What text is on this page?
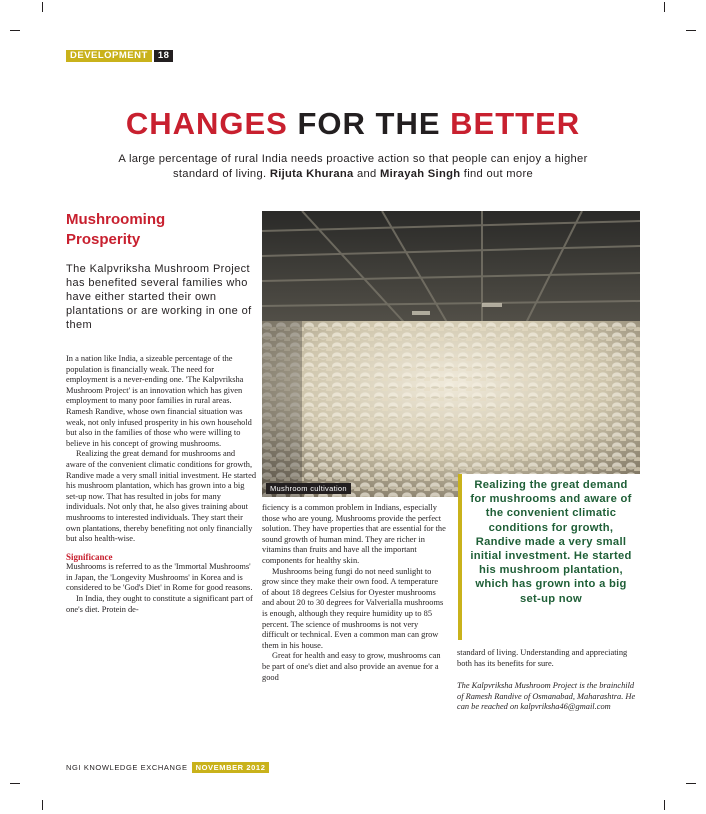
DEVELOPMENT	18
CHANGES FOR THE BETTER
A large percentage of rural India needs proactive action so that people can enjoy a higher standard of living. Rijuta Khurana and Mirayah Singh find out more
Mushrooming
Prosperity
The Kalpvriksha Mushroom Project has benefited several families who have either started their own plantations or are working in one of them
Mushroom cultivation

In a nation like India, a sizeable percentage of the population is financially weak. The need for employment is a never-ending one. 'The Kalpvriksha Mushroom Project' is an innovation which has given employment to many poor families in rural areas. Ramesh Randive, whose own financial situation was weak, not only infused prosperity in his own household but also in the families of those who were willing to believe in his concept of growing mushrooms.

Realizing the great demand for mushrooms and aware of the convenient climatic conditions for growth, Randive made a very small initial investment. He started his mushroom plantation, which has grown into a big set-up now. That has resulted in jobs for many individuals. Not only that, he also gives training about mushrooms to interested individuals. They start their own plantations, thereby benefiting not only financially but also health-wise.

Significance

Mushrooms is referred to as the 'Immortal Mushrooms' in Japan, the 'Longevity Mushrooms' in Korea and is considered to be 'God's Diet' in Rome for good reasons.

In India, they ought to constitute a significant part of one's diet. Protein de-

ficiency is a common problem in Indians, especially those who are young. Mushrooms provide the perfect solution. They have properties that are essential for the sound growth of human mind. They are richer in vitamins than fruits and have all the important components for healthy skin.

Mushrooms being fungi do not need sunlight to grow since they make their own food. A temperature of about 18 degrees Celsius for Oyester mushrooms and about 20 to 30 degrees for Valverialla mushrooms is enough, although they require humidity up to 85 percent. The science of mushrooms is not very difficult or technical. Even a common man can grow them in his house.

Great for health and easy to grow, mushrooms can be part of one's diet and also provide an avenue for a good

Realizing the great demand for mushrooms and aware of the convenient climatic conditions for growth, Randive made a very small initial investment. He started his mushroom plantation, which has grown into a big set-up now

standard of living. Understanding and appreciating both has its benefits for sure.

The Kalpvriksha Mushroom Project is the brainchild of Ramesh Randive of Osmanabad, Maharashtra. He can be reached on kalpvriksha46@gmail.com

NGI KNOWLEDGE EXCHANGE	NOVEMBER 2012
